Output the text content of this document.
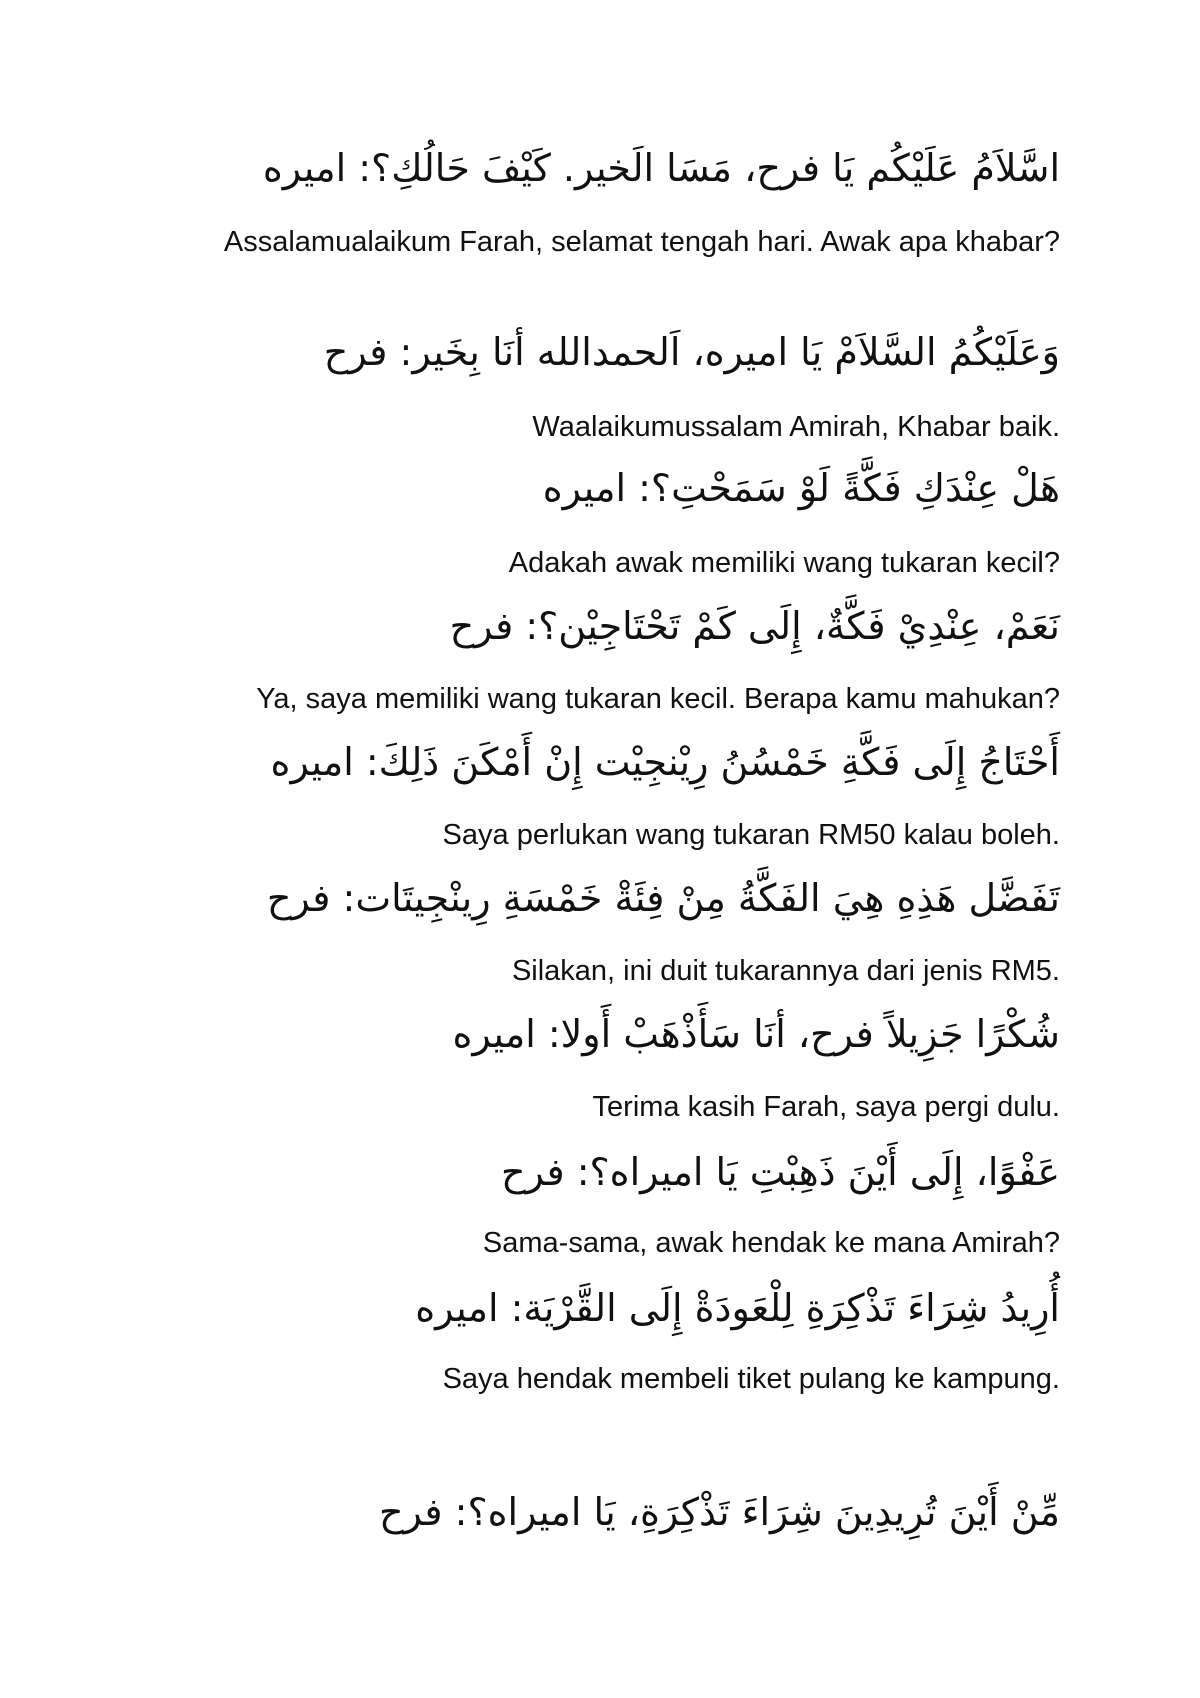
اسَّلاَمُ عَلَيْكُم يَا فرح، مَسَا الَخير. كَيْفَ حَالُكِ؟: اميره
Assalamualaikum Farah, selamat tengah hari. Awak apa khabar?
وَعَلَيْكُمُ السَّلاَمْ يَا اميره، اَلحمدالله أنَا بِخَير: فرح
Waalaikumussalam Amirah, Khabar baik.
هَلْ عِنْدَكِ فَكَّةً لَوْ سَمَحْتِ؟: اميره
Adakah awak memiliki wang tukaran kecil?
نَعَمْ، عِنْدِيْ فَكَّةٌ، إِلَى كَمْ تَحْتَاجِيْن؟: فرح
Ya, saya memiliki wang tukaran kecil. Berapa kamu mahukan?
أَحْتَاجُ إِلَى فَكَّةِ خَمْسُنُ رِيْنجِيْت إِنْ أَمْكَنَ ذَلِكَ: اميره
Saya perlukan wang tukaran RM50 kalau boleh.
تَفَضَّل هَذِهِ هِيَ الفَكَّةُ مِنْ فِئَةْ خَمْسَةِ رِينْجِيتَات: فرح
Silakan, ini duit tukarannya dari jenis RM5.
شُكْرًا جَزِيلاً فرح، أنَا سَأَذْهَبْ أَولا: اميره
Terima kasih Farah, saya pergi dulu.
عَفْوًا، إِلَى أَيْنَ ذَهِبْتِ يَا اميراه؟: فرح
Sama-sama, awak hendak ke mana Amirah?
أُرِيدُ شِرَاءَ تَذْكِرَةِ لِلْعَودَةْ إِلَى القَّرْيَة: اميره
Saya hendak membeli tiket pulang ke kampung.
مِّنْ أَيْنَ تُرِيدِينَ شِرَاءَ تَذْكِرَةِ، يَا اميراه؟: فرح
